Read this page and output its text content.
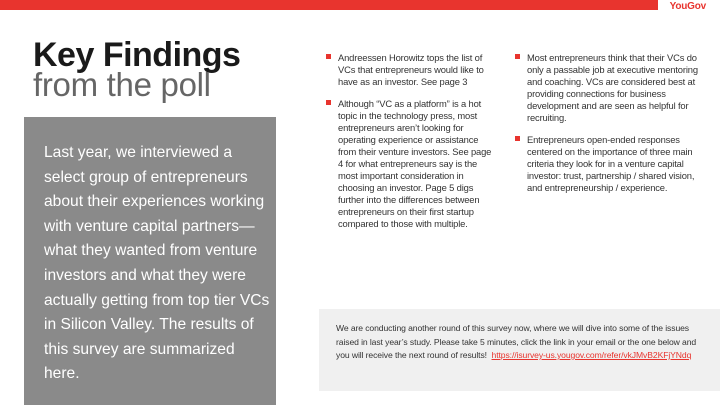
YouGov
Key Findings
from the poll

Last year, we interviewed a select group of entrepreneurs about their experiences working with venture capital partners—what they wanted from venture investors and what they were actually getting from top tier VCs in Silicon Valley. The results of this survey are summarized here.

Andreessen Horowitz tops the list of VCs that entrepreneurs would like to have as an investor. See page 3
Although “VC as a platform” is a hot topic in the technology press, most entrepreneurs aren’t looking for operating experience or assistance from their venture investors. See page 4 for what entrepreneurs say is the most important consideration in choosing an investor. Page 5 digs further into the differences between entrepreneurs on their first startup compared to those with multiple.
Most entrepreneurs think that their VCs do only a passable job at executive mentoring and coaching. VCs are considered best at providing connections for business development and are seen as helpful for recruiting.
Entrepreneurs open-ended responses centered on the importance of three main criteria they look for in a venture capital investor: trust, partnership / shared vision, and entrepreneurship / experience.

We are conducting another round of this survey now, where we will dive into some of the issues raised in last year’s study. Please take 5 minutes, click the link in your email or the one below and you will receive the next round of results! https://isurvey-us.yougov.com/refer/vkJMvB2KFjYNdq
